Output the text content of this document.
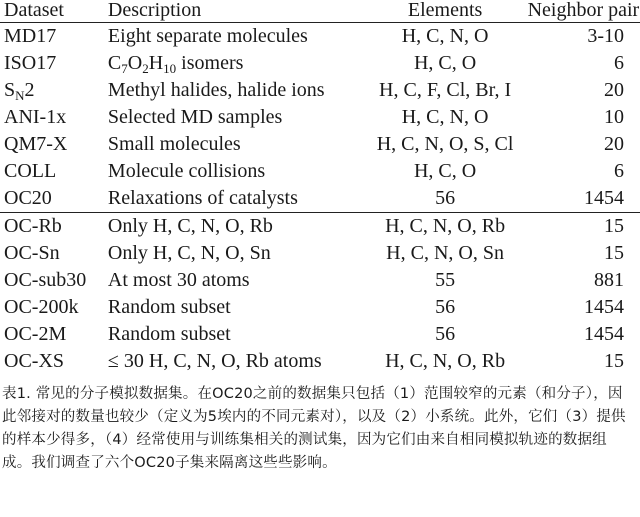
Dataset	Description	Elements	Neighbor pair
MD17	Eight separate molecules	H, C, N, O	3-10
ISO17	$C_7O_2H_{10}$ isomers	H, C, O	6
$S_N2$	Methyl halides, halide ions	H, C, F, Cl, Br, I	20
ANI-1x	Selected MD samples	H, C, N, O	10
QM7-X	Small molecules	H, C, N, O, S, Cl	20
COLL	Molecule collisions	H, C, O	6
OC20	Relaxations of catalysts	56	1454
OC-Rb	Only H, C, N, O, Rb	H, C, N, O, Rb	15
OC-Sn	Only H, C, N, O, Sn	H, C, N, O, Sn	15
OC-sub30	At most 30 atoms	55	881
OC-200k	Random subset	56	1454
OC-2M	Random subset	56	1454
OC-XS	≤ 30 H, C, N, O, Rb atoms	H, C, N, O, Rb	15
表1. 常见的分子模拟数据集。在OC20之前的数据集只包括（1）范围较窄的元素（和分子），因此邻接对的数量也较少（定义为5埃内的不同元素对），以及（2）小系统。此外，它们（3）提供的样本少得多，（4）经常使用与训练集相关的测试集，因为它们由来自相同模拟轨迹的数据组成。我们调查了六个OC20子集来隔离这些些影响。
